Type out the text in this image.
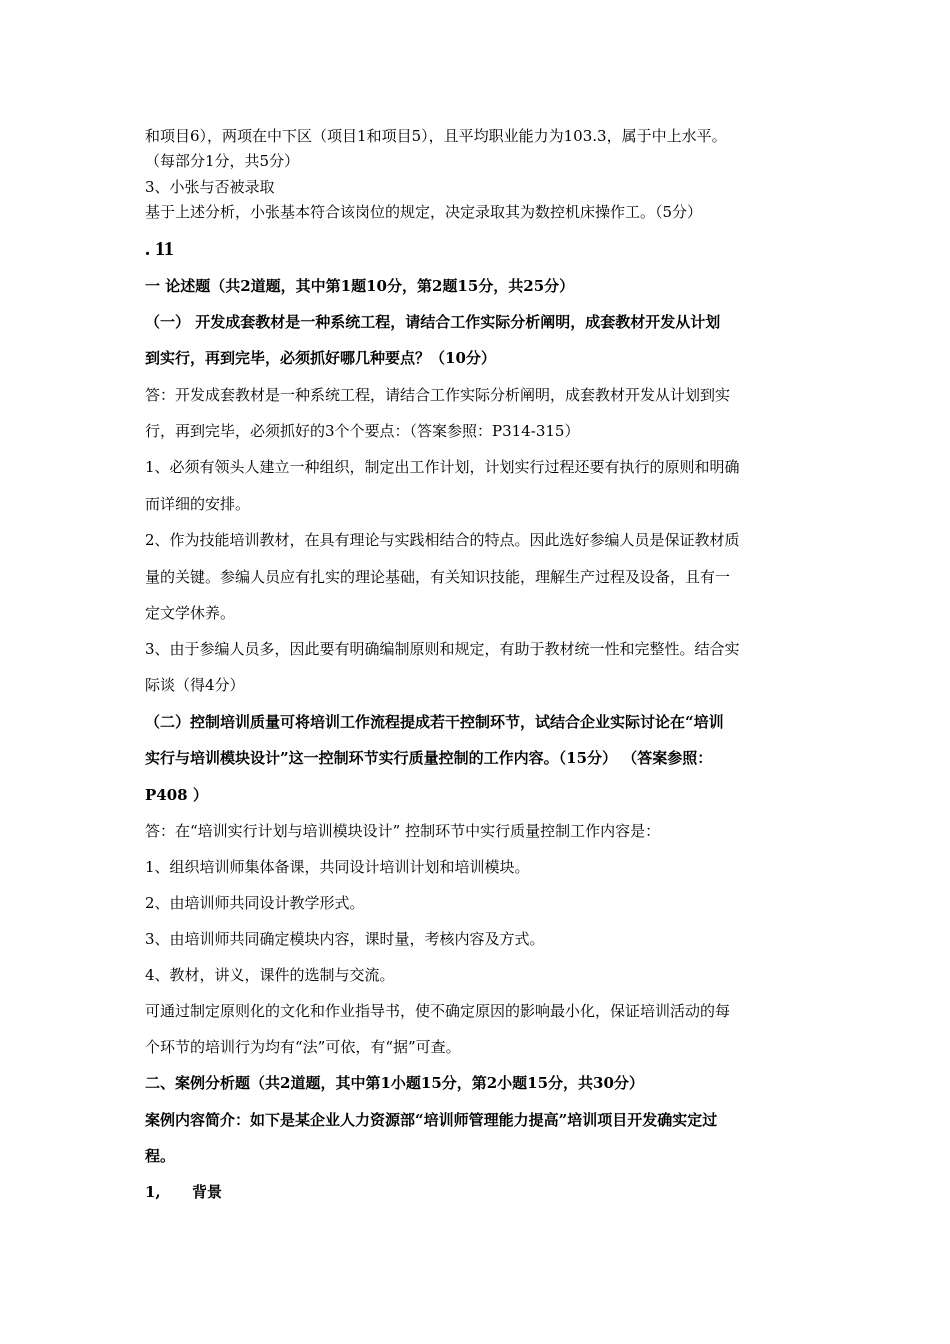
和项目6），两项在中下区（项目1和项目5），且平均职业能力为103.3，属于中上水平。
（每部分1分，共5分）
3、小张与否被录取
基于上述分析，小张基本符合该岗位的规定，决定录取其为数控机床操作工。（5分）
. 11
一 论述题（共2道题，其中第1题10分，第2题15分，共25分）
（一） 开发成套教材是一种系统工程，请结合工作实际分析阐明，成套教材开发从计划
到实行，再到完毕，必须抓好哪几种要点？（10分）
答：开发成套教材是一种系统工程，请结合工作实际分析阐明，成套教材开发从计划到实
行，再到完毕，必须抓好的3个个要点：（答案参照：P314-315）
1、必须有领头人建立一种组织，制定出工作计划，计划实行过程还要有执行的原则和明确
而详细的安排。
2、作为技能培训教材，在具有理论与实践相结合的特点。因此选好参编人员是保证教材质
量的关键。参编人员应有扎实的理论基础，有关知识技能，理解生产过程及设备，且有一
定文学休养。
3、由于参编人员多，因此要有明确编制原则和规定，有助于教材统一性和完整性。结合实
际谈（得4分）
（二）控制培训质量可将培训工作流程提成若干控制环节，试结合企业实际讨论在“培训
实行与培训模块设计”这一控制环节实行质量控制的工作内容。（15分） （答案参照：
P408 ）
答：在“培训实行计划与培训模块设计” 控制环节中实行质量控制工作内容是：
1、组织培训师集体备课，共同设计培训计划和培训模块。
2、由培训师共同设计教学形式。
3、由培训师共同确定模块内容，课时量，考核内容及方式。
4、教材，讲义，课件的选制与交流。
可通过制定原则化的文化和作业指导书，使不确定原因的影响最小化，保证培训活动的每
个环节的培训行为均有“法”可依，有“据”可查。
二、案例分析题（共2道题，其中第1小题15分，第2小题15分，共30分）
案例内容简介：如下是某企业人力资源部“培训师管理能力提高”培训项目开发确实定过
程。
1,      背景
